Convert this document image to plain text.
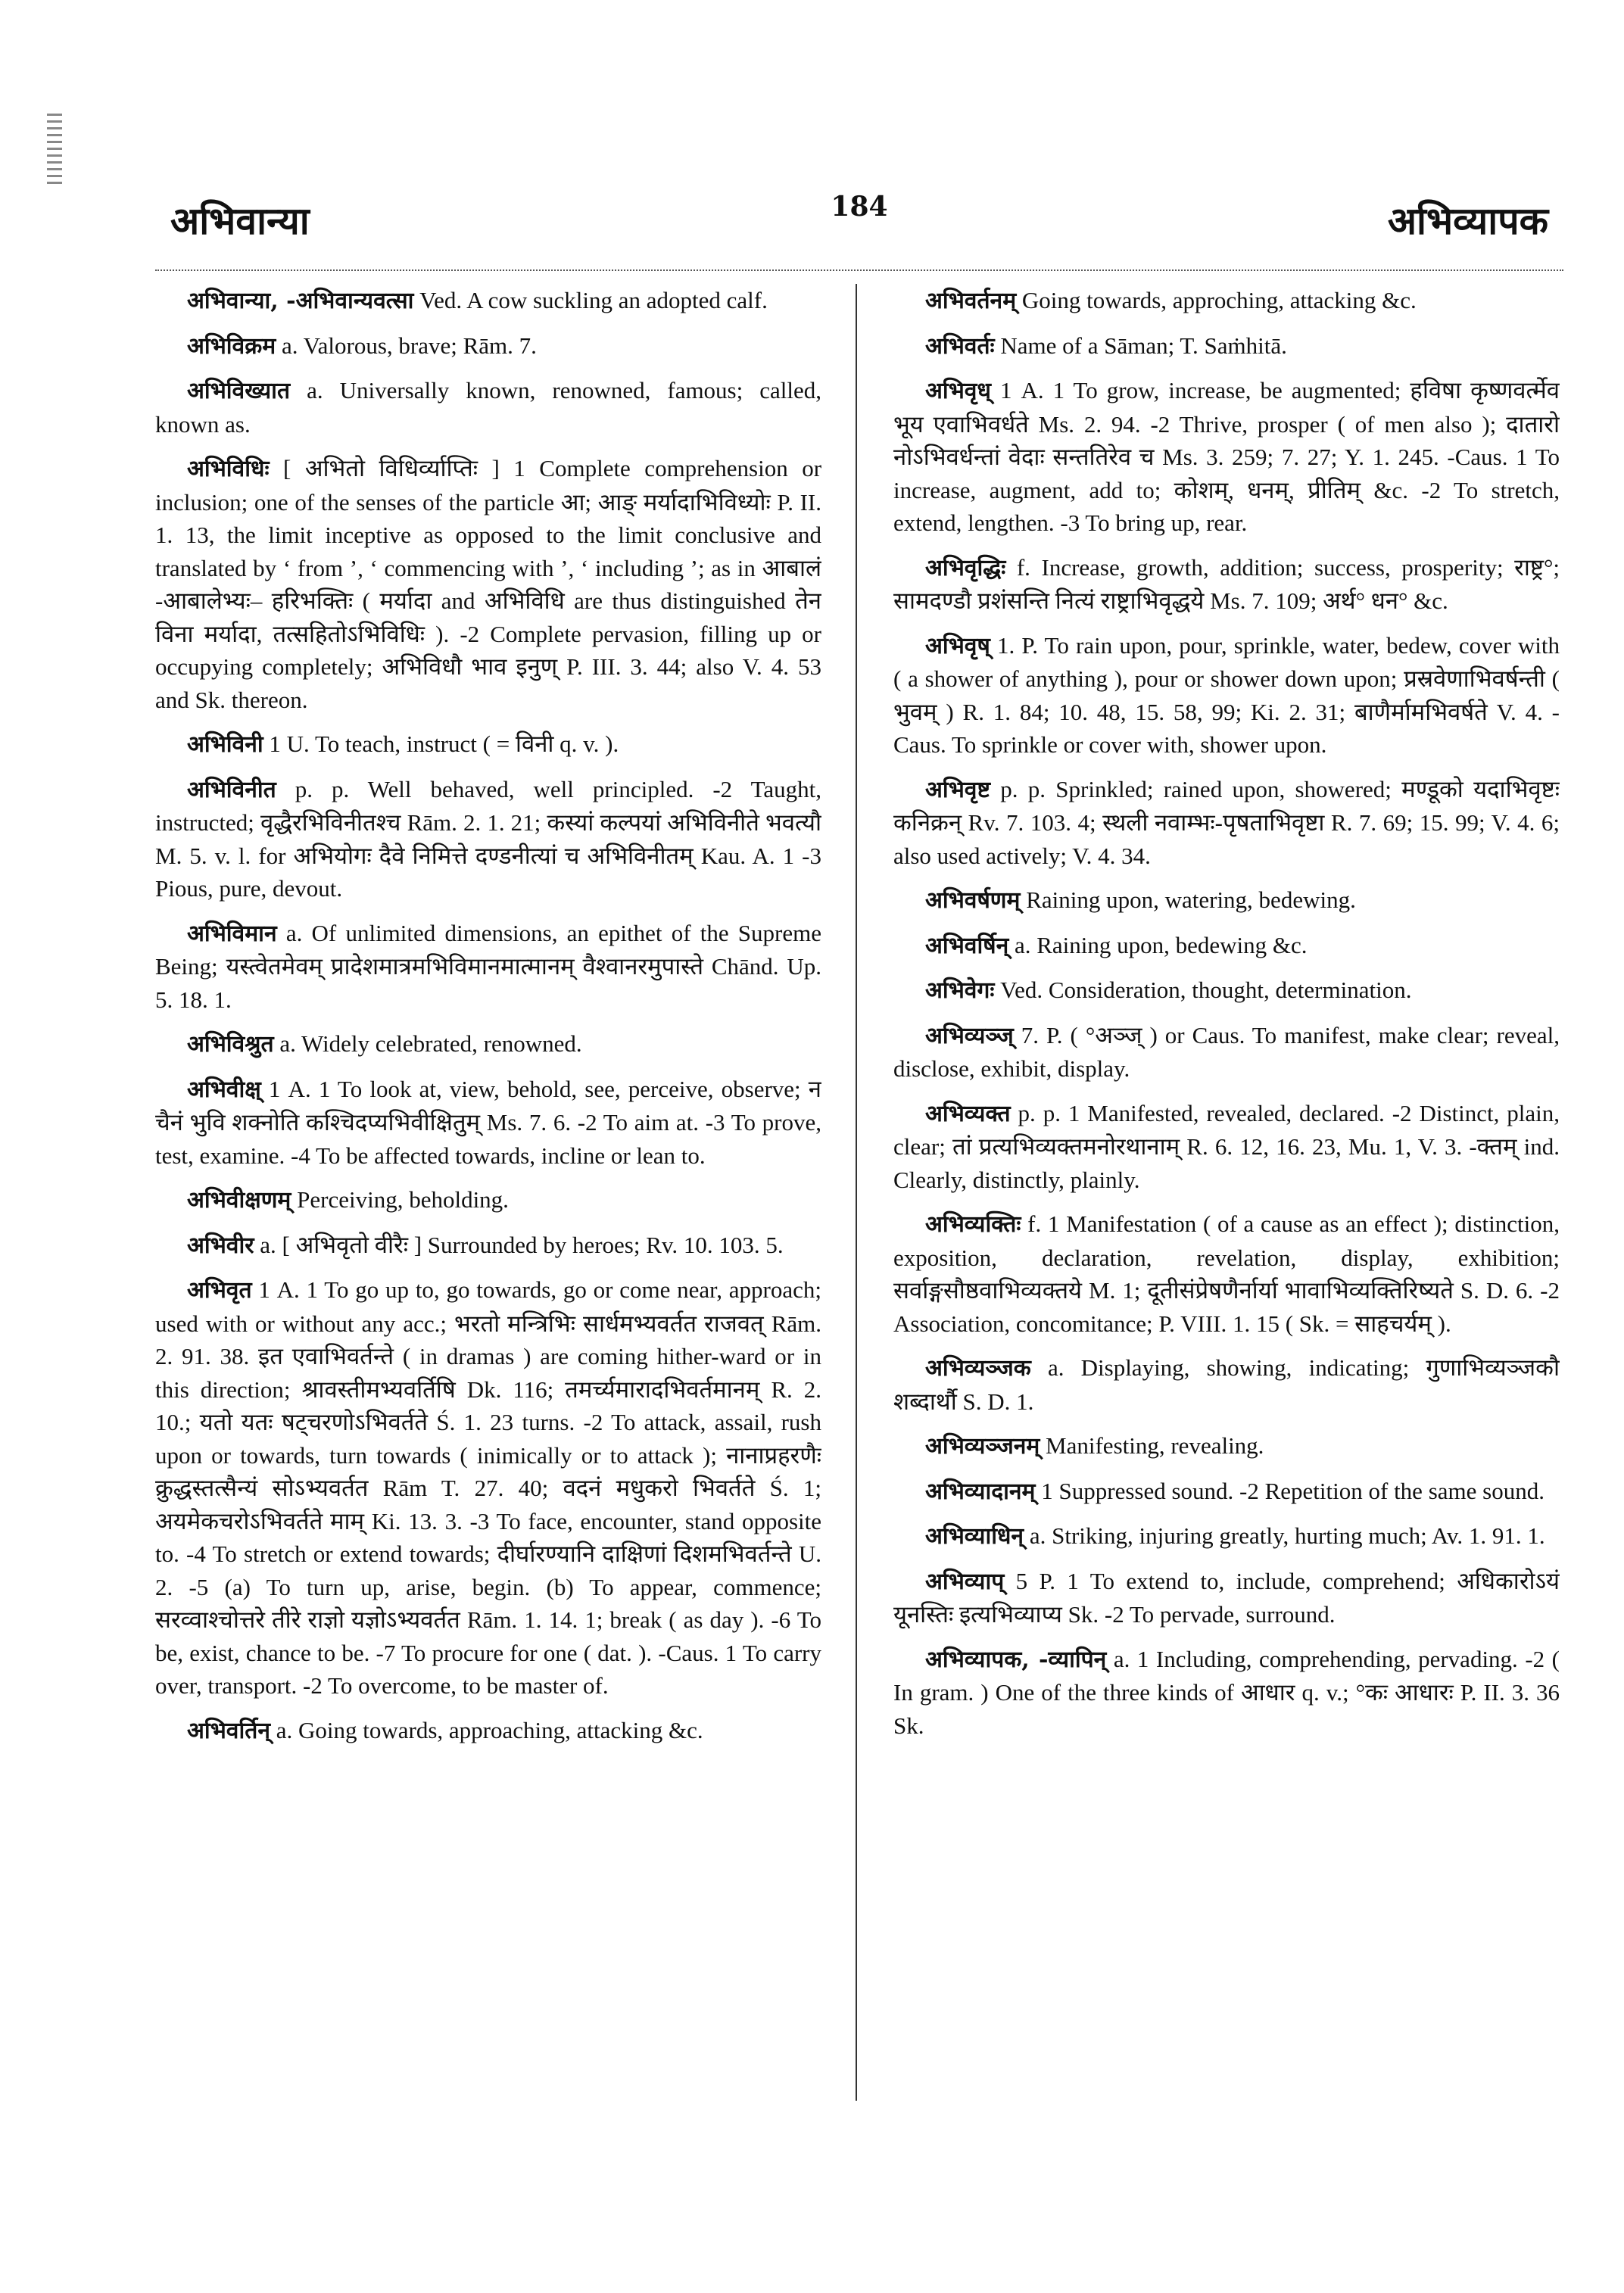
अभिवान्या	184	अभिव्यापक

अभिवान्या, -अभिवान्यवत्सा Ved. A cow suckling an adopted calf.

अभिविक्रम a. Valorous, brave; Rām. 7.

अभिविख्यात a. Universally known, renowned, famous; called, known as.

अभिविधिः [ अभितो विधिर्व्याप्तिः ] 1 Complete comprehension or inclusion; one of the senses of the particle आ; आङ् मर्यादाभिविध्योः P. II. 1. 13, the limit inceptive as opposed to the limit conclusive and translated by ‘ from ’, ‘ commencing with ’, ‘ including ’; as in आबालं -आबालेभ्यः– हरिभक्तिः ( मर्यादा and अभिविधि are thus distinguished तेन विना मर्यादा, तत्सहितोऽभिविधिः ). -2 Complete pervasion, filling up or occupying completely; अभिविधौ भाव इनुण् P. III. 3. 44; also V. 4. 53 and Sk. thereon.

अभिविनी 1 U. To teach, instruct ( = विनी q. v. ).

अभिविनीत p. p. Well behaved, well principled. -2 Taught, instructed; वृद्धैरभिविनीतश्च Rām. 2. 1. 21; कस्यां कल्पयां अभिविनीते भवत्यौ M. 5. v. l. for अभियोगः दैवे निमित्ते दण्डनीत्यां च अभिविनीतम् Kau. A. 1 -3 Pious, pure, devout.

अभिविमान a. Of unlimited dimensions, an epithet of the Supreme Being; यस्त्वेतमेवम् प्रादेशमात्रमभिविमानमात्मानम् वैश्वानरमुपास्ते Chānd. Up. 5. 18. 1.

अभिविश्रुत a. Widely celebrated, renowned.

अभिवीक्ष् 1 A. 1 To look at, view, behold, see, perceive, observe; न चैनं भुवि शक्नोति कश्चिदप्यभिवीक्षितुम् Ms. 7. 6. -2 To aim at. -3 To prove, test, examine. -4 To be affected towards, incline or lean to.

अभिवीक्षणम् Perceiving, beholding.

अभिवीर a. [ अभिवृतो वीरैः ] Surrounded by heroes; Rv. 10. 103. 5.

अभिवृत 1 A. 1 To go up to, go towards, go or come near, approach; used with or without any acc.; भरतो मन्त्रिभिः सार्धमभ्यवर्तत राजवत् Rām. 2. 91. 38. इत एवाभिवर्तन्ते ( in dramas ) are coming hither-ward or in this direction; श्रावस्तीमभ्यवर्तिषि Dk. 116; तमर्च्यमारादभिवर्तमानम् R. 2. 10.; यतो यतः षट्चरणोऽभिवर्तते Ś. 1. 23 turns. -2 To attack, assail, rush upon or towards, turn towards ( inimically or to attack ); नानाप्रहरणैः क्रुद्धस्तत्सैन्यं सोऽभ्यवर्तत Rām T. 27. 40; वदनं मधुकरो भिवर्तते Ś. 1; अयमेकचरोऽभिवर्तते माम् Ki. 13. 3. -3 To face, encounter, stand opposite to. -4 To stretch or extend towards; दीर्घारण्यानि दाक्षिणां दिशमभिवर्तन्ते U. 2. -5 (a) To turn up, arise, begin. (b) To appear, commence; सरव्वाश्चोत्तरे तीरे राज्ञो यज्ञोऽभ्यवर्तत Rām. 1. 14. 1; break ( as day ). -6 To be, exist, chance to be. -7 To procure for one ( dat. ). -Caus. 1 To carry over, transport. -2 To overcome, to be master of.

अभिवर्तिन् a. Going towards, approaching, attacking &c.

अभिवर्तनम् Going towards, approching, attacking &c.

अभिवर्तः Name of a Sāman; T. Saṁhitā.

अभिवृध् 1 A. 1 To grow, increase, be augmented; हविषा कृष्णवर्त्मेव भूय एवाभिवर्धते Ms. 2. 94. -2 Thrive, prosper ( of men also ); दातारो नोऽभिवर्धन्तां वेदाः सन्ततिरेव च Ms. 3. 259; 7. 27; Y. 1. 245. -Caus. 1 To increase, augment, add to; कोशम्, धनम्, प्रीतिम् &c. -2 To stretch, extend, lengthen. -3 To bring up, rear.

अभिवृद्धिः f. Increase, growth, addition; success, prosperity; राष्ट्र°; सामदण्डौ प्रशंसन्ति नित्यं राष्ट्राभिवृद्धये Ms. 7. 109; अर्थ° धन° &c.

अभिवृष् 1. P. To rain upon, pour, sprinkle, water, bedew, cover with ( a shower of anything ), pour or shower down upon; प्रस्रवेणाभिवर्षन्ती ( भुवम् ) R. 1. 84; 10. 48, 15. 58, 99; Ki. 2. 31; बाणैर्मामभिवर्षते V. 4. -Caus. To sprinkle or cover with, shower upon.

अभिवृष्ट p. p. Sprinkled; rained upon, showered; मण्डूको यदाभिवृष्टः कनिक्रन् Rv. 7. 103. 4; स्थली नवाम्भः-पृषताभिवृष्टा R. 7. 69; 15. 99; V. 4. 6; also used actively; V. 4. 34.

अभिवर्षणम् Raining upon, watering, bedewing.

अभिवर्षिन् a. Raining upon, bedewing &c.

अभिवेगः Ved. Consideration, thought, determination.

अभिव्यञ्ज् 7. P. ( °अञ्ज् ) or Caus. To manifest, make clear; reveal, disclose, exhibit, display.

अभिव्यक्त p. p. 1 Manifested, revealed, declared. -2 Distinct, plain, clear; तां प्रत्यभिव्यक्तमनोरथानाम् R. 6. 12, 16. 23, Mu. 1, V. 3. -क्तम् ind. Clearly, distinctly, plainly.

अभिव्यक्तिः f. 1 Manifestation ( of a cause as an effect ); distinction, exposition, declaration, revelation, display, exhibition; सर्वाङ्गसौष्ठवाभिव्यक्तये M. 1; दूतीसंप्रेषणैर्नार्या भावाभिव्यक्तिरिष्यते S. D. 6. -2 Association, concomitance; P. VIII. 1. 15 ( Sk. = साहचर्यम् ).

अभिव्यञ्जक a. Displaying, showing, indicating; गुणाभिव्यञ्जकौ शब्दार्थौ S. D. 1.

अभिव्यञ्जनम् Manifesting, revealing.

अभिव्यादानम् 1 Suppressed sound. -2 Repetition of the same sound.

अभिव्याधिन् a. Striking, injuring greatly, hurting much; Av. 1. 91. 1.

अभिव्याप् 5 P. 1 To extend to, include, comprehend; अधिकारोऽयं यूनस्तिः इत्यभिव्याप्य Sk. -2 To pervade, surround.

अभिव्यापक, -व्यापिन् a. 1 Including, comprehending, pervading. -2 ( In gram. ) One of the three kinds of आधार q. v.; °कः आधारः P. II. 3. 36 Sk.
